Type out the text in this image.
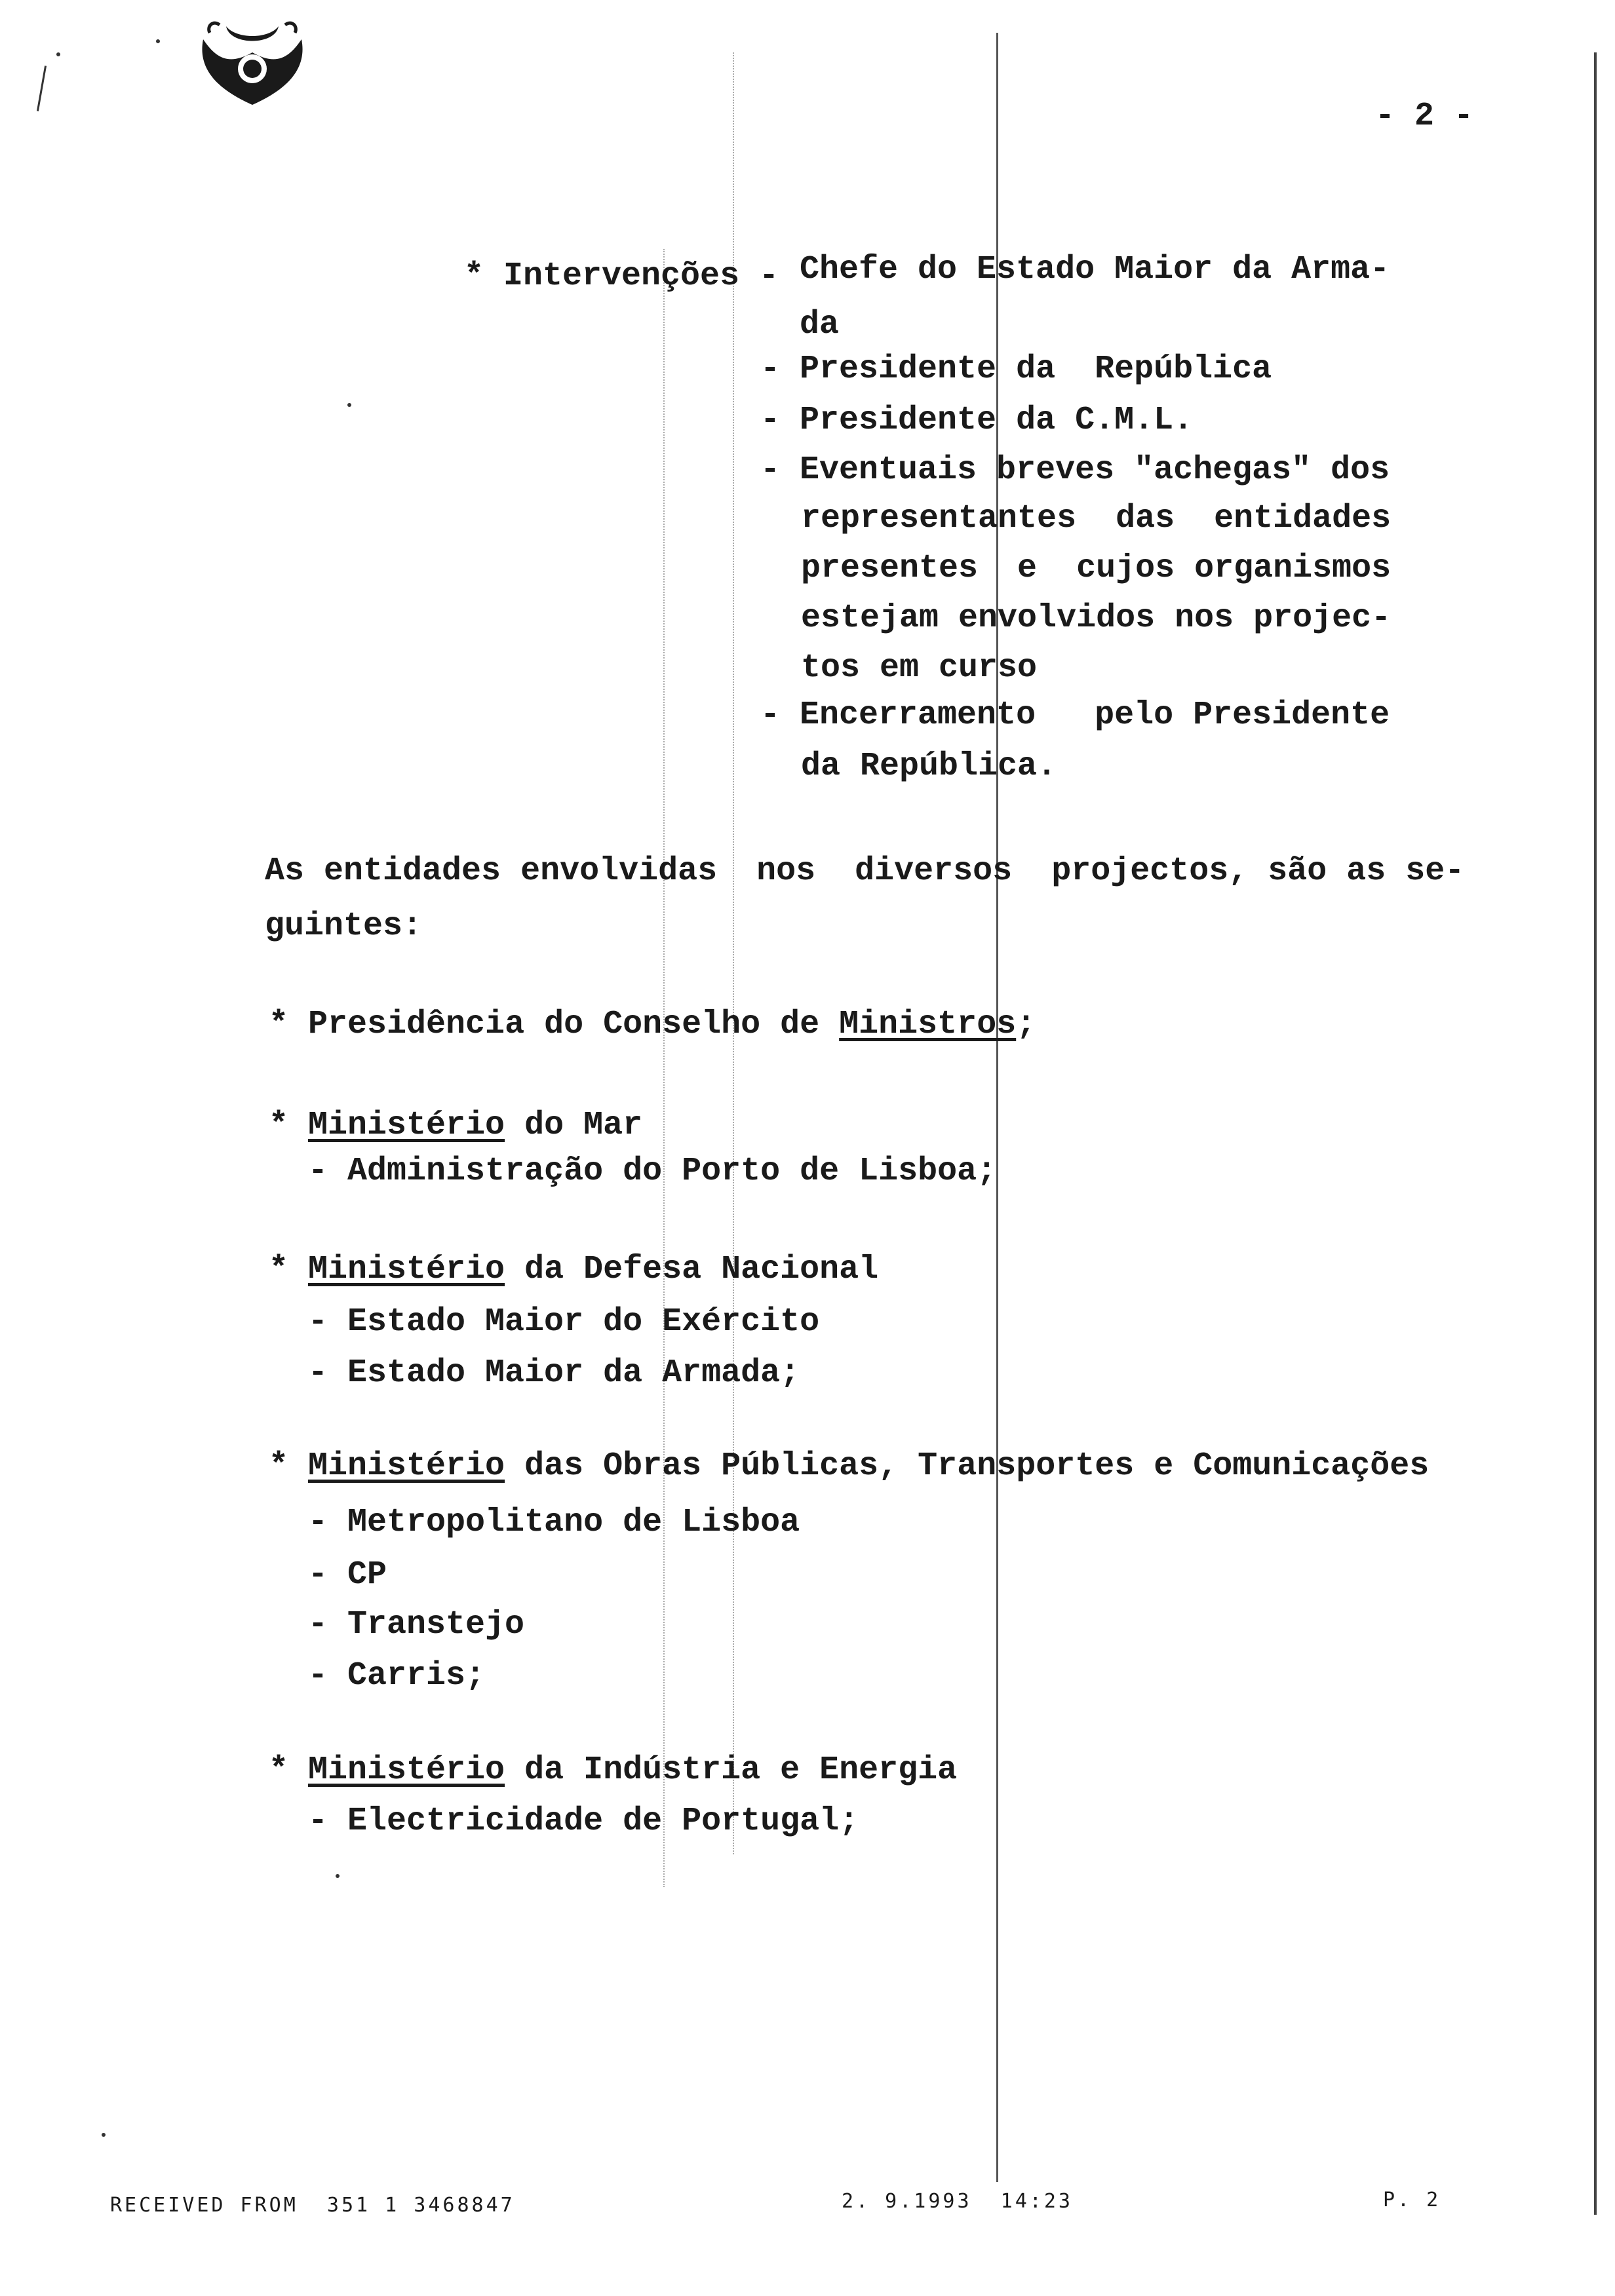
- 2 -
* Intervenções - Chefe do Estado Maior da Arma-
da
- Presidente da  República
- Presidente da C.M.L.
- Eventuais breves "achegas" dos
representantes  das  entidades
presentes  e  cujos organismos
estejam envolvidos nos projec-
tos em curso
- Encerramento   pelo Presidente
da República.
As entidades envolvidas  nos  diversos  projectos, são as se-
guintes:
* Presidência do Conselho de Ministros;
* Ministério do Mar
- Administração do Porto de Lisboa;
* Ministério da Defesa Nacional
- Estado Maior do Exército
- Estado Maior da Armada;
* Ministério das Obras Públicas, Transportes e Comunicações
- Metropolitano de Lisboa
- CP
- Transtejo
- Carris;
* Ministério da Indústria e Energia
- Electricidade de Portugal;
RECEIVED FROM  351 1 3468847	2. 9.1993  14:23	P. 2
